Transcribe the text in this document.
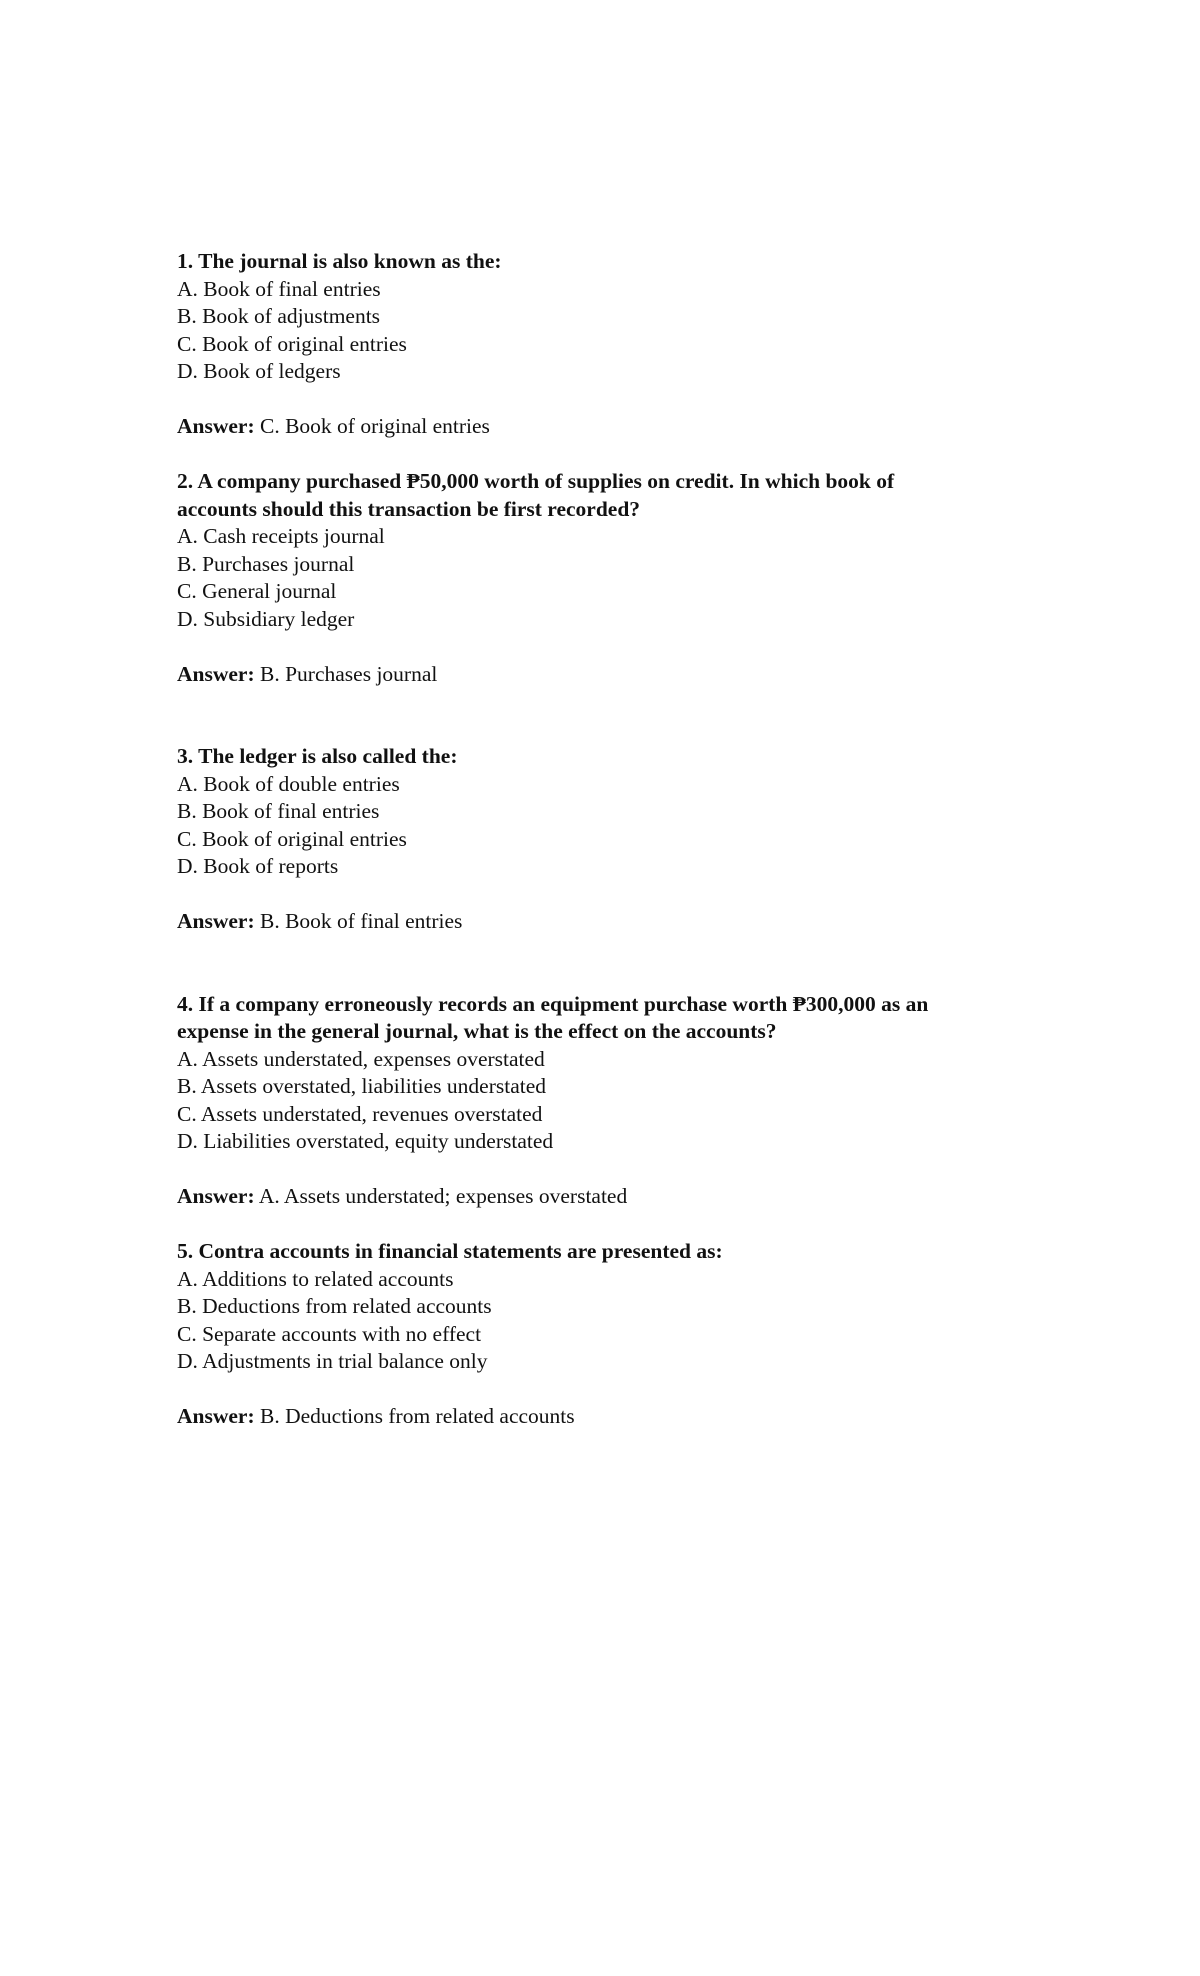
1. The journal is also known as the:

A. Book of final entries

B. Book of adjustments

C. Book of original entries

D. Book of ledgers

Answer: C. Book of original entries

2. A company purchased ₱50,000 worth of supplies on credit. In which book of

accounts should this transaction be first recorded?

A. Cash receipts journal

B. Purchases journal

C. General journal

D. Subsidiary ledger

Answer: B. Purchases journal

3. The ledger is also called the:

A. Book of double entries

B. Book of final entries

C. Book of original entries

D. Book of reports

Answer: B. Book of final entries

4. If a company erroneously records an equipment purchase worth ₱300,000 as an

expense in the general journal, what is the effect on the accounts?

A. Assets understated, expenses overstated

B. Assets overstated, liabilities understated

C. Assets understated, revenues overstated

D. Liabilities overstated, equity understated

Answer: A. Assets understated; expenses overstated

5. Contra accounts in financial statements are presented as:

A. Additions to related accounts

B. Deductions from related accounts

C. Separate accounts with no effect

D. Adjustments in trial balance only

Answer: B. Deductions from related accounts
